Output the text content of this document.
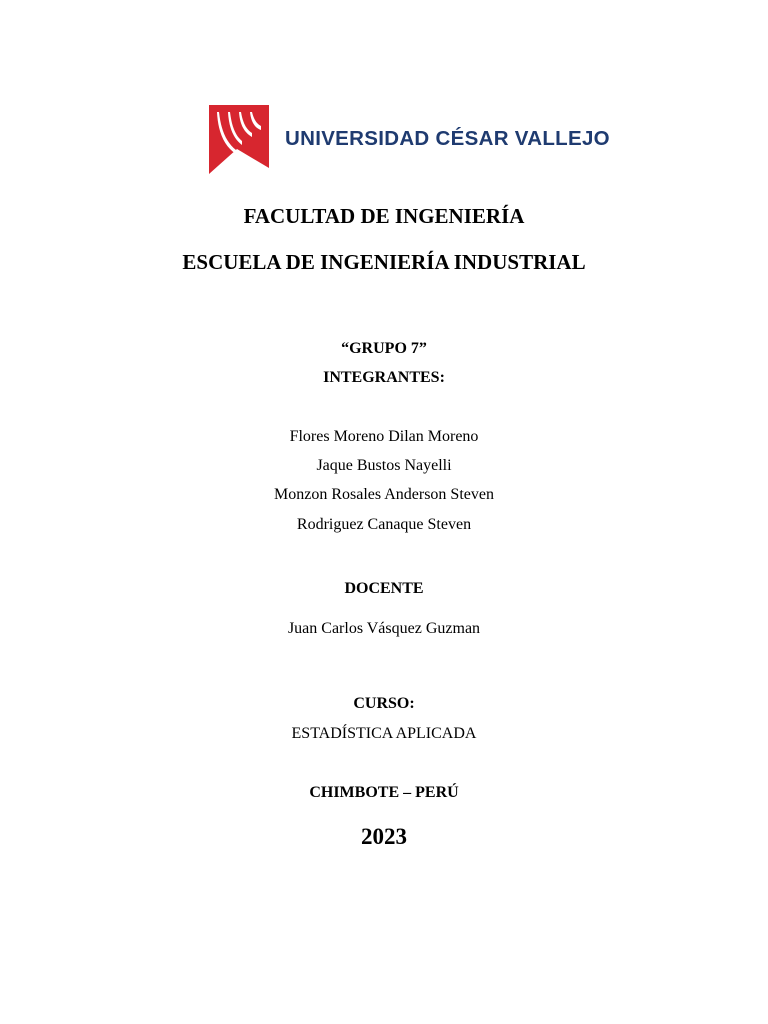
UNIVERSIDAD CÉSAR VALLEJO
FACULTAD DE INGENIERÍA
ESCUELA DE INGENIERÍA INDUSTRIAL
“GRUPO 7”
INTEGRANTES:
Flores Moreno Dilan Moreno
Jaque Bustos Nayelli
Monzon Rosales Anderson Steven
Rodriguez Canaque Steven
DOCENTE
Juan Carlos Vásquez Guzman
CURSO:
ESTADÍSTICA APLICADA
CHIMBOTE – PERÚ
2023
